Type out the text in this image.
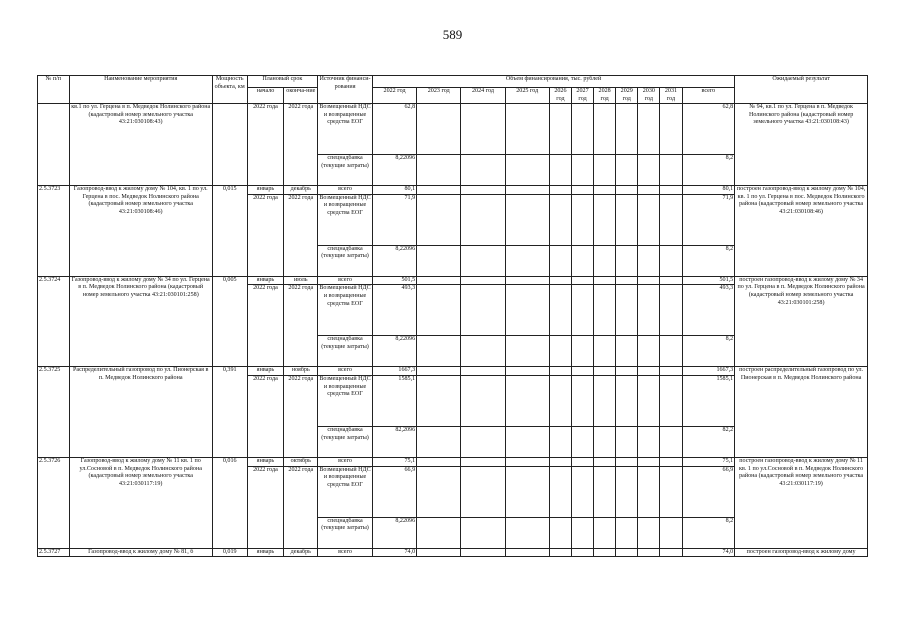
589
№ п/п	Наименование мероприятия	Мощность объекта, км	Плановый срок		Источник финанси-рования	Объем финансирования, тыс. рублей											Ожидаемый результат
			начало	оконча-ние		2022 год	2023 год	2024 год	2025 год	2026 год	2027 год	2028 год	2029 год	2030 год	2031 год	всего	

	кв.1 по ул. Герцена в п. Медведок Нолинского района (кадастровый номер земельного участка 43:21:030108:43)		2022 года	2022 года	Возмещенный НДС и возвращенные средства ЕОГ	62,8										62,8	№ 94, кв.1 по ул. Герцена в п. Медведок Нолинского района (кадастровый номер земельного участка 43:21:030108:43)
					спецнадбавка (текущие затраты)	8,22096										8,2	
2.5.3723	Газопровод-ввод к жилому дому № 104, кв. 1 по ул. Герцена в пос. Медведок Нолинского района (кадастровый номер земельного участка 43:21:030108:46)	0,015	январь	декабрь	всего	80,1										80,1	построен газопровод-ввод к жилому дому № 104, кв. 1 по ул. Герцена в пос. Медведок Нолинского района (кадастровый номер земельного участка 43:21:030108:46)
			2022 года	2022 года	Возмещенный НДС и возвращенные средства ЕОГ	71,9										71,9	
					спецнадбавка (текущие затраты)	8,22096										8,2	
2.5.3724	Газопровод-ввод к жилому дому № 34 по ул. Герцена в п. Медведок Нолинского района (кадастровый номер земельного участка 43:21:030101:258)	0,005	январь	июль	всего	501,5										501,5	построен газопровод-ввод к жилому дому № 34 по ул. Герцена в п. Медведок Нолинского района (кадастровый номер земельного участка 43:21:030101:258)
			2022 года	2022 года	Возмещенный НДС и возвращенные средства ЕОГ	493,3										493,3	
					спецнадбавка (текущие затраты)	8,22096										8,2	
2.5.3725	Распределительный газопровод по ул. Пионерская в п. Медведок Нолинского района	0,391	январь	ноябрь	всего	1667,3										1667,3	построен распределительный газопровод по ул. Пионерская в п. Медведок Нолинского района
			2022 года	2022 года	Возмещенный НДС и возвращенные средства ЕОГ	1585,1										1585,1	
					спецнадбавка (текущие затраты)	82,2096										82,2	
2.5.3726	Газопровод-ввод к жилому дому № 11 кв. 1 по ул.Сосновой в п. Медведок Нолинского района (кадастровый номер земельного участка 43:21:030117:19)	0,016	январь	октябрь	всего	75,1										75,1	построен газопровод-ввод к жилому дому № 11 кв. 1 по ул.Сосновой в п. Медведок Нолинского района (кадастровый номер земельного участка 43:21:030117:19)
			2022 года	2022 года	Возмещенный НДС и возвращенные средства ЕОГ	66,9										66,9	
					спецнадбавка (текущие затраты)	8,22096										8,2	
2.5.3727	Газопровод-ввод к жилому дому № 81, б	0,019	январь	декабрь	всего	74,0										74,0	построен газопровод-ввод к жилому дому
